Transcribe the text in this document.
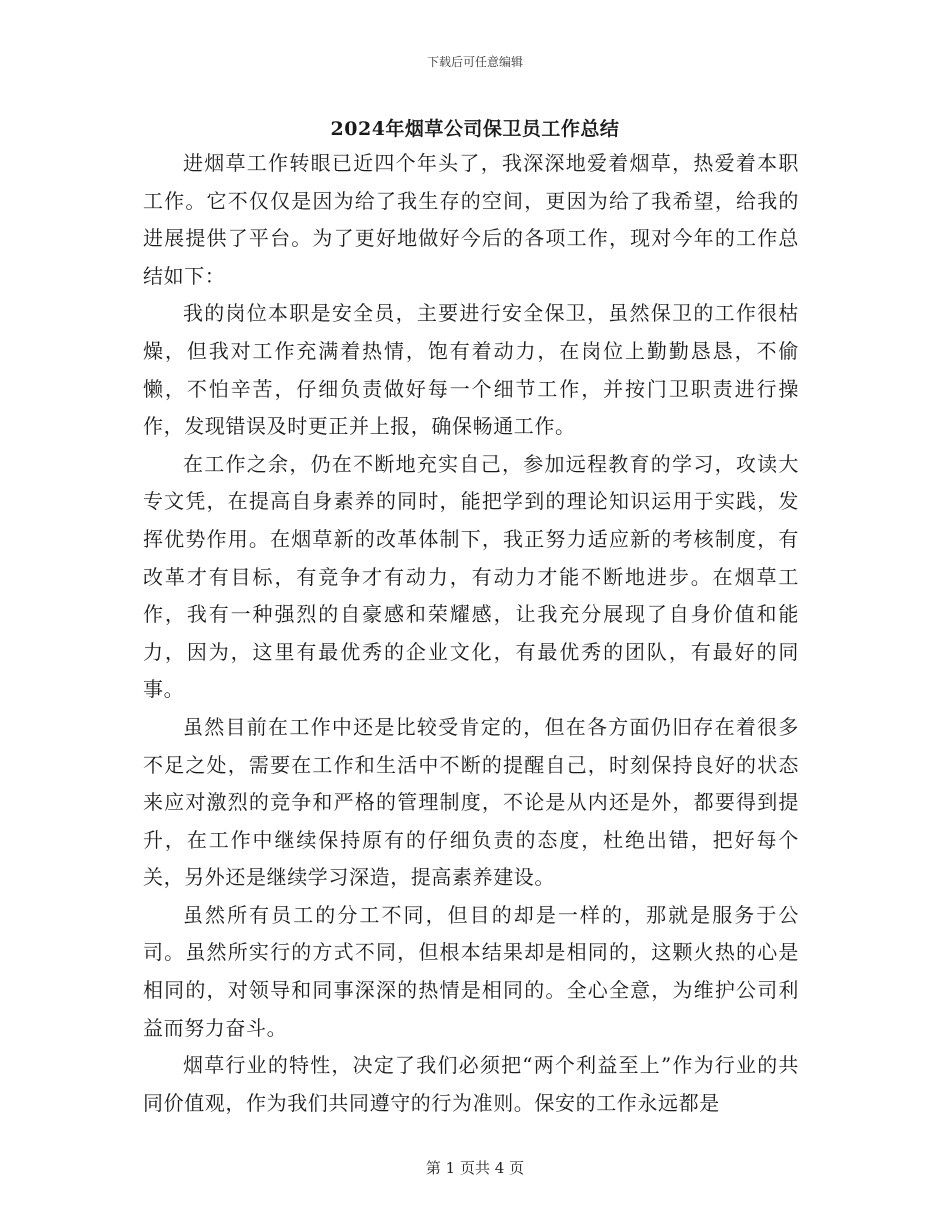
下载后可任意编辑
2024年烟草公司保卫员工作总结

进烟草工作转眼已近四个年头了，我深深地爱着烟草，热爱着本职工作。它不仅仅是因为给了我生存的空间，更因为给了我希望，给我的进展提供了平台。为了更好地做好今后的各项工作，现对今年的工作总结如下：

我的岗位本职是安全员，主要进行安全保卫，虽然保卫的工作很枯燥，但我对工作充满着热情，饱有着动力，在岗位上勤勤恳恳，不偷懒，不怕辛苦，仔细负责做好每一个细节工作，并按门卫职责进行操作，发现错误及时更正并上报，确保畅通工作。

在工作之余，仍在不断地充实自己，参加远程教育的学习，攻读大专文凭，在提高自身素养的同时，能把学到的理论知识运用于实践，发挥优势作用。在烟草新的改革体制下，我正努力适应新的考核制度，有改革才有目标，有竞争才有动力，有动力才能不断地进步。在烟草工作，我有一种强烈的自豪感和荣耀感，让我充分展现了自身价值和能力，因为，这里有最优秀的企业文化，有最优秀的团队，有最好的同事。

虽然目前在工作中还是比较受肯定的，但在各方面仍旧存在着很多不足之处，需要在工作和生活中不断的提醒自己，时刻保持良好的状态来应对激烈的竞争和严格的管理制度，不论是从内还是外，都要得到提升，在工作中继续保持原有的仔细负责的态度，杜绝出错，把好每个关，另外还是继续学习深造，提高素养建设。

虽然所有员工的分工不同，但目的却是一样的，那就是服务于公司。虽然所实行的方式不同，但根本结果却是相同的，这颗火热的心是相同的，对领导和同事深深的热情是相同的。全心全意，为维护公司利益而努力奋斗。

烟草行业的特性，决定了我们必须把“两个利益至上”作为行业的共同价值观，作为我们共同遵守的行为准则。保安的工作永远都是

第 1 页共 4 页
